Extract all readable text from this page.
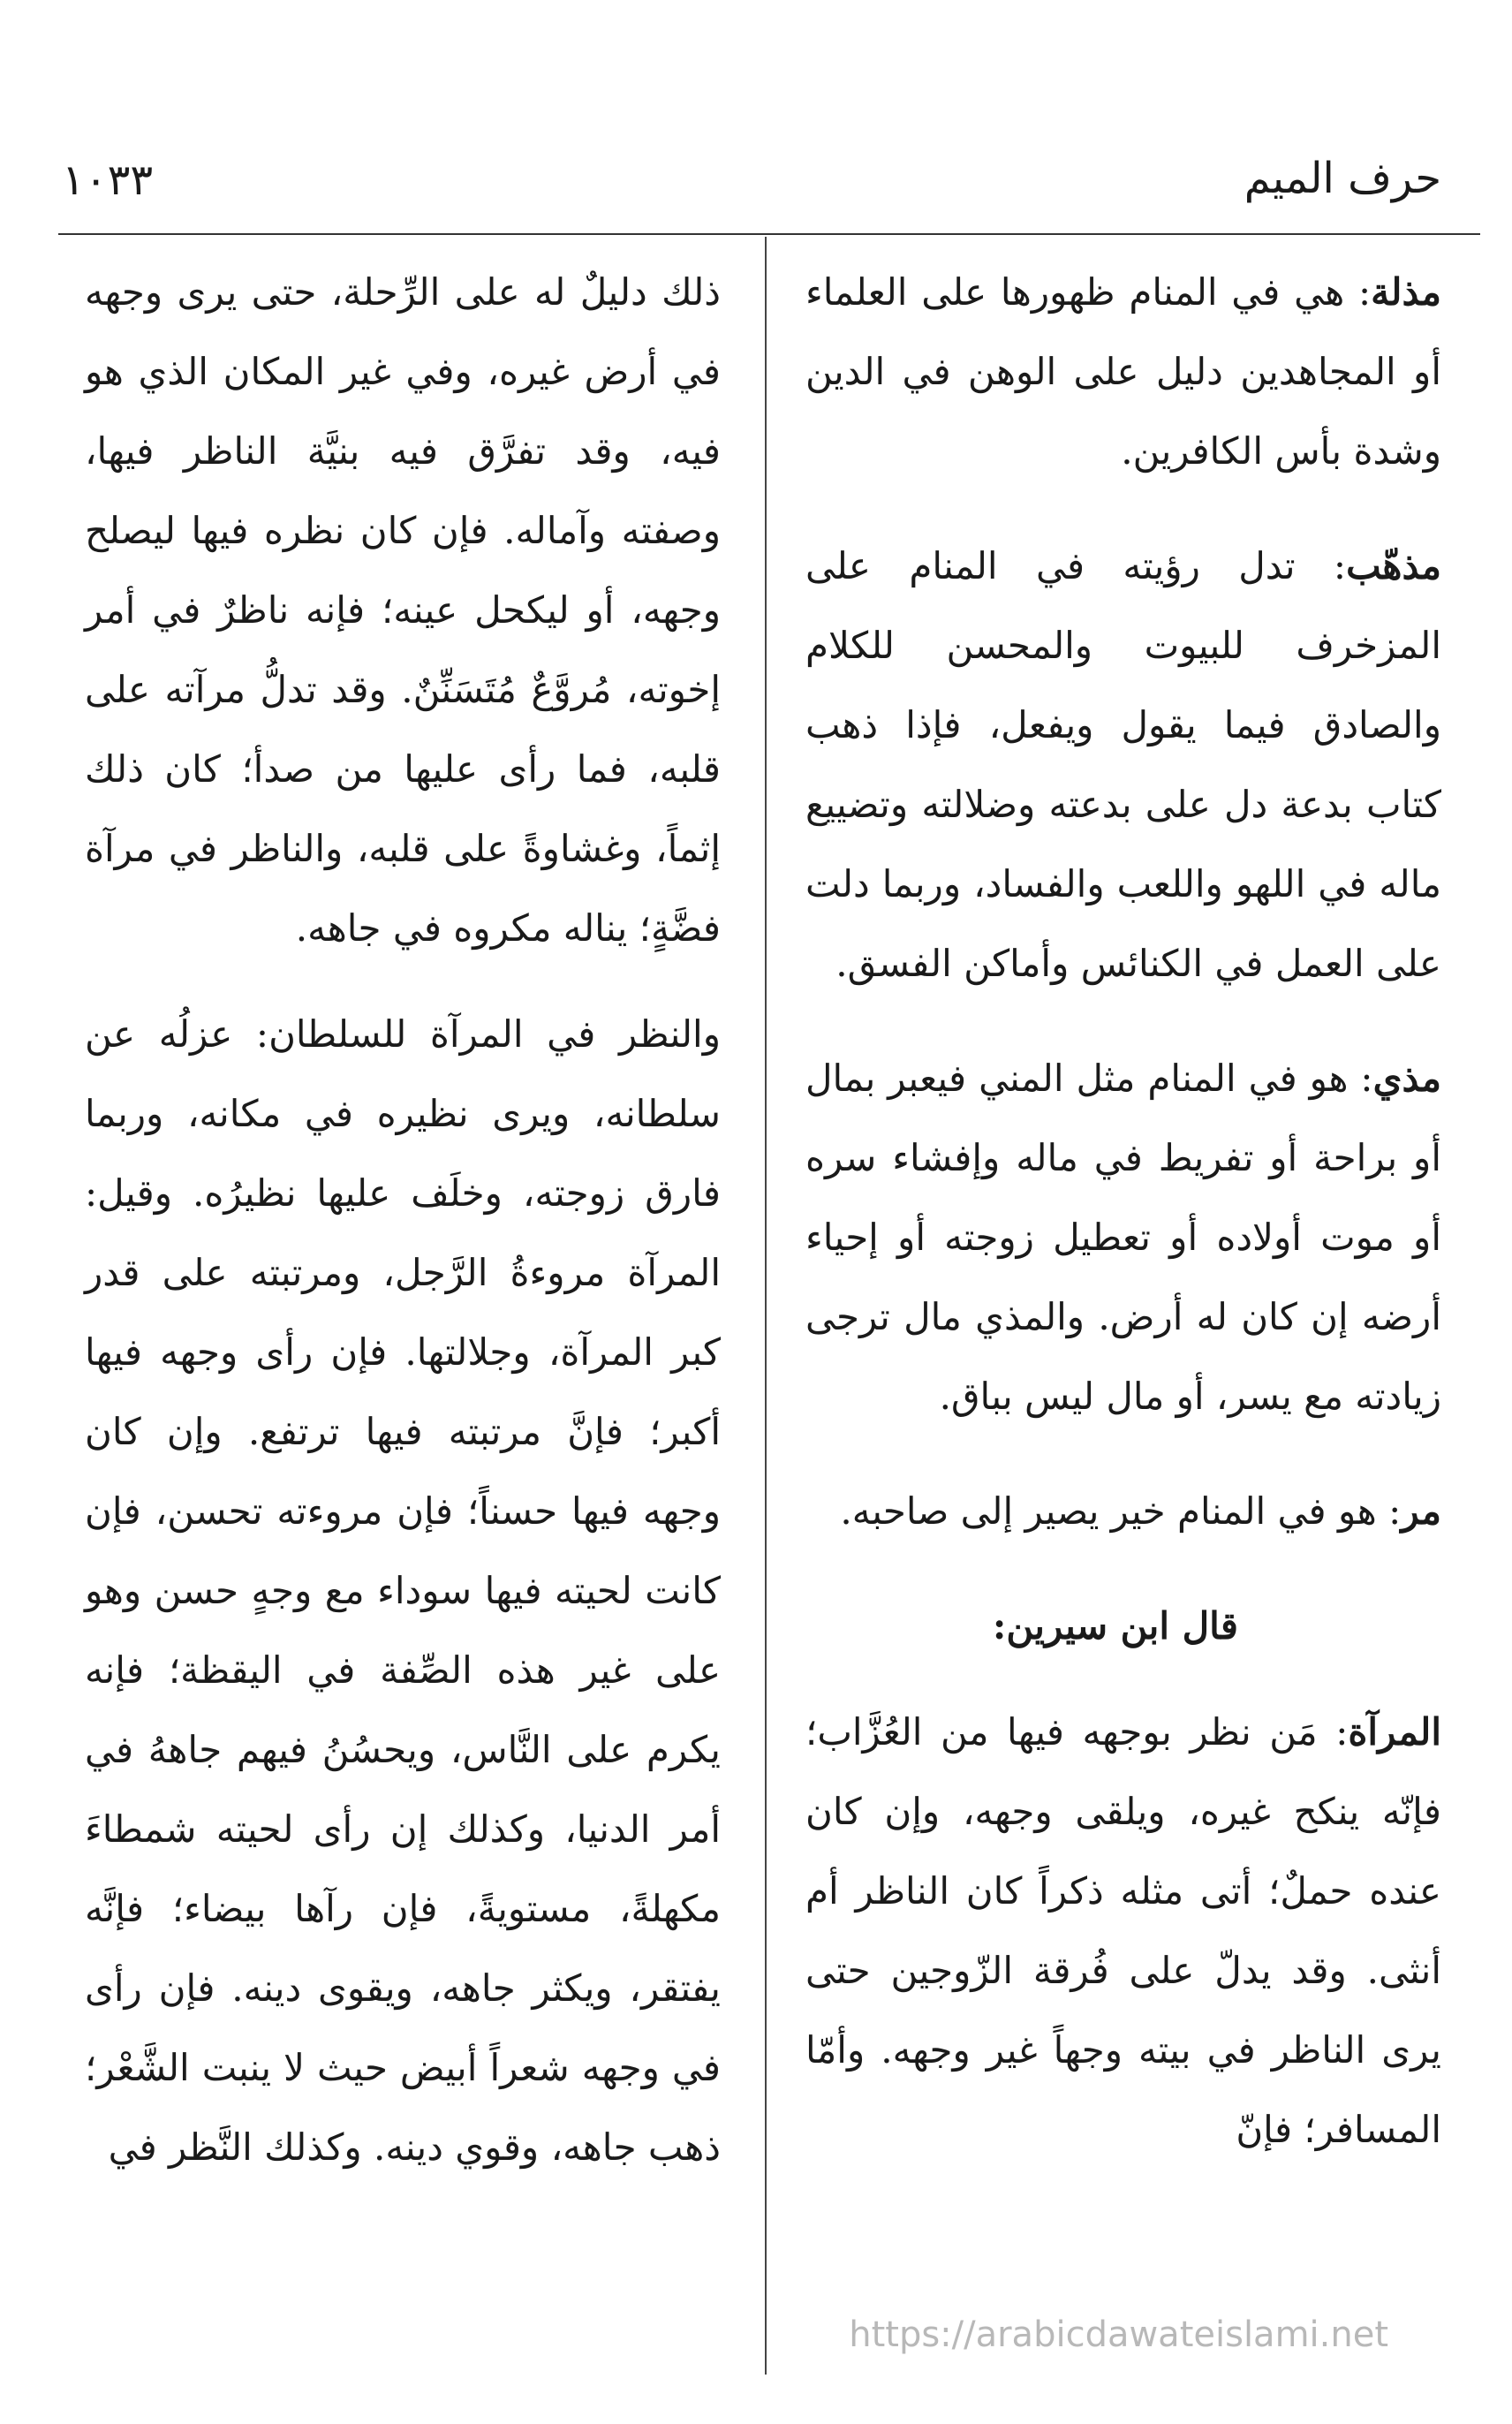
حرف الميم
١٠٣٣

مذلة: هي في المنام ظهورها على العلماء أو المجاهدين دليل على الوهن في الدين وشدة بأس الكافرين.

مذهّب: تدل رؤيته في المنام على المزخرف للبيوت والمحسن للكلام والصادق فيما يقول ويفعل، فإذا ذهب كتاب بدعة دل على بدعته وضلالته وتضييع ماله في اللهو واللعب والفساد، وربما دلت على العمل في الكنائس وأماكن الفسق.

مذي: هو في المنام مثل المني فيعبر بمال أو براحة أو تفريط في ماله وإفشاء سره أو موت أولاده أو تعطيل زوجته أو إحياء أرضه إن كان له أرض. والمذي مال ترجى زيادته مع يسر، أو مال ليس بباق.

مر: هو في المنام خير يصير إلى صاحبه.

قال ابن سيرين:

المرآة: مَن نظر بوجهه فيها من العُزَّاب؛ فإنّه ينكح غيره، ويلقى وجهه، وإن كان عنده حملٌ؛ أتى مثله ذكراً كان الناظر أم أنثى. وقد يدلّ على فُرقة الزّوجين حتى يرى الناظر في بيته وجهاً غير وجهه. وأمّا المسافر؛ فإنّ

ذلك دليلٌ له على الرِّحلة، حتى يرى وجهه في أرض غيره، وفي غير المكان الذي هو فيه، وقد تفرَّق فيه بنيَّة الناظر فيها، وصفته وآماله. فإن كان نظره فيها ليصلح وجهه، أو ليكحل عينه؛ فإنه ناظرٌ في أمر إخوته، مُروَّعٌ مُتَسَنِّنٌ. وقد تدلُّ مرآته على قلبه، فما رأى عليها من صدأ؛ كان ذلك إثماً، وغشاوةً على قلبه، والناظر في مرآة فضَّةٍ؛ يناله مكروه في جاهه.

والنظر في المرآة للسلطان: عزلُه عن سلطانه، ويرى نظيره في مكانه، وربما فارق زوجته، وخلَف عليها نظيرُه. وقيل: المرآة مروءةُ الرَّجل، ومرتبته على قدر كبر المرآة، وجلالتها. فإن رأى وجهه فيها أكبر؛ فإنَّ مرتبته فيها ترتفع. وإن كان وجهه فيها حسناً؛ فإن مروءته تحسن، فإن كانت لحيته فيها سوداء مع وجهٍ حسن وهو على غير هذه الصِّفة في اليقظة؛ فإنه يكرم على النَّاس، ويحسُنُ فيهم جاههُ في أمر الدنيا، وكذلك إن رأى لحيته شمطاءَ مكهلةً، مستويةً، فإن رآها بيضاء؛ فإنَّه يفتقر، ويكثر جاهه، ويقوى دينه. فإن رأى في وجهه شعراً أبيض حيث لا ينبت الشَّعْر؛ ذهب جاهه، وقوي دينه. وكذلك النَّظر في

https://arabicdawateislami.net
